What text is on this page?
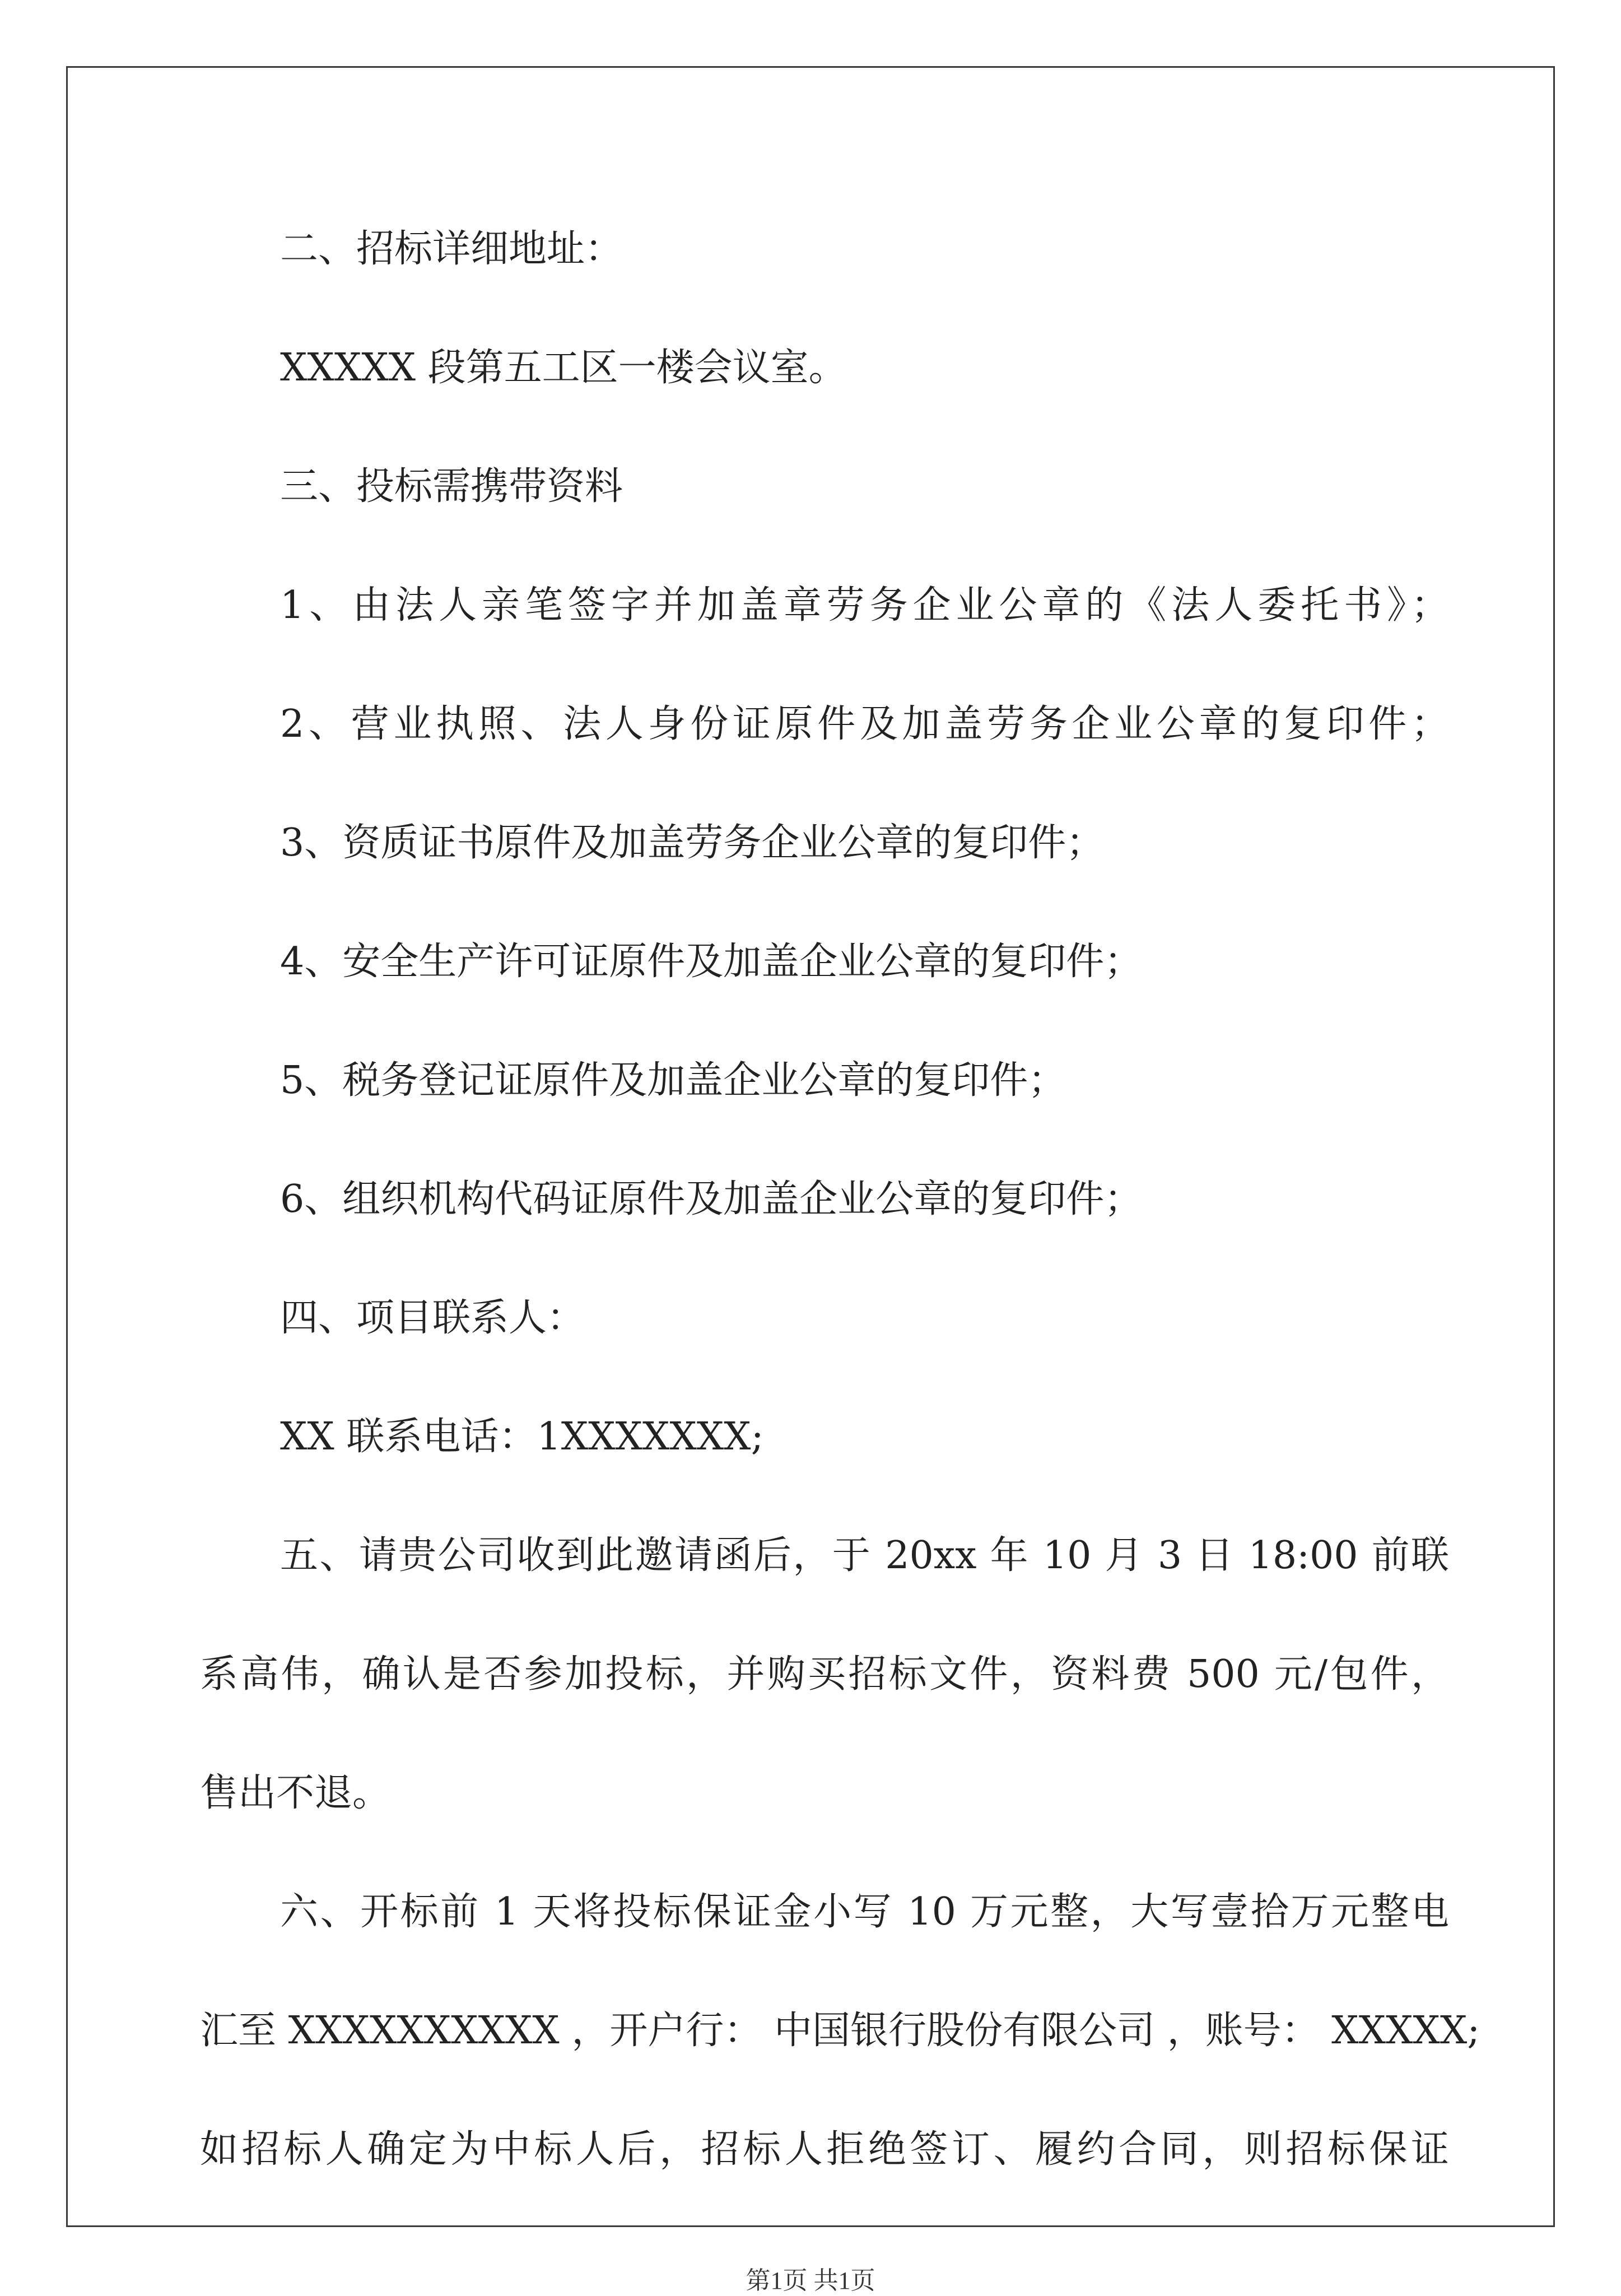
第1页 共1页
二、招标详细地址：
XXXXX 段第五工区一楼会议室。
三、投标需携带资料
1、由法人亲笔签字并加盖章劳务企业公章的《法人委托书》；
2、营业执照、法人身份证原件及加盖劳务企业公章的复印件；
3、资质证书原件及加盖劳务企业公章的复印件；
4、安全生产许可证原件及加盖企业公章的复印件；
5、税务登记证原件及加盖企业公章的复印件；
6、组织机构代码证原件及加盖企业公章的复印件；
四、项目联系人：
XX 联系电话：1XXXXXXX;
五、请贵公司收到此邀请函后，于 20xx 年 10 月 3 日 18:00 前联
系高伟，确认是否参加投标，并购买招标文件，资料费 500 元/包件，
售出不退。
六、开标前 1 天将投标保证金小写 10 万元整，大写壹拾万元整电
汇至 XXXXXXXXXX ，开户行： 中国银行股份有限公司 ，账号： XXXXX;
如招标人确定为中标人后，招标人拒绝签订、履约合同，则招标保证
